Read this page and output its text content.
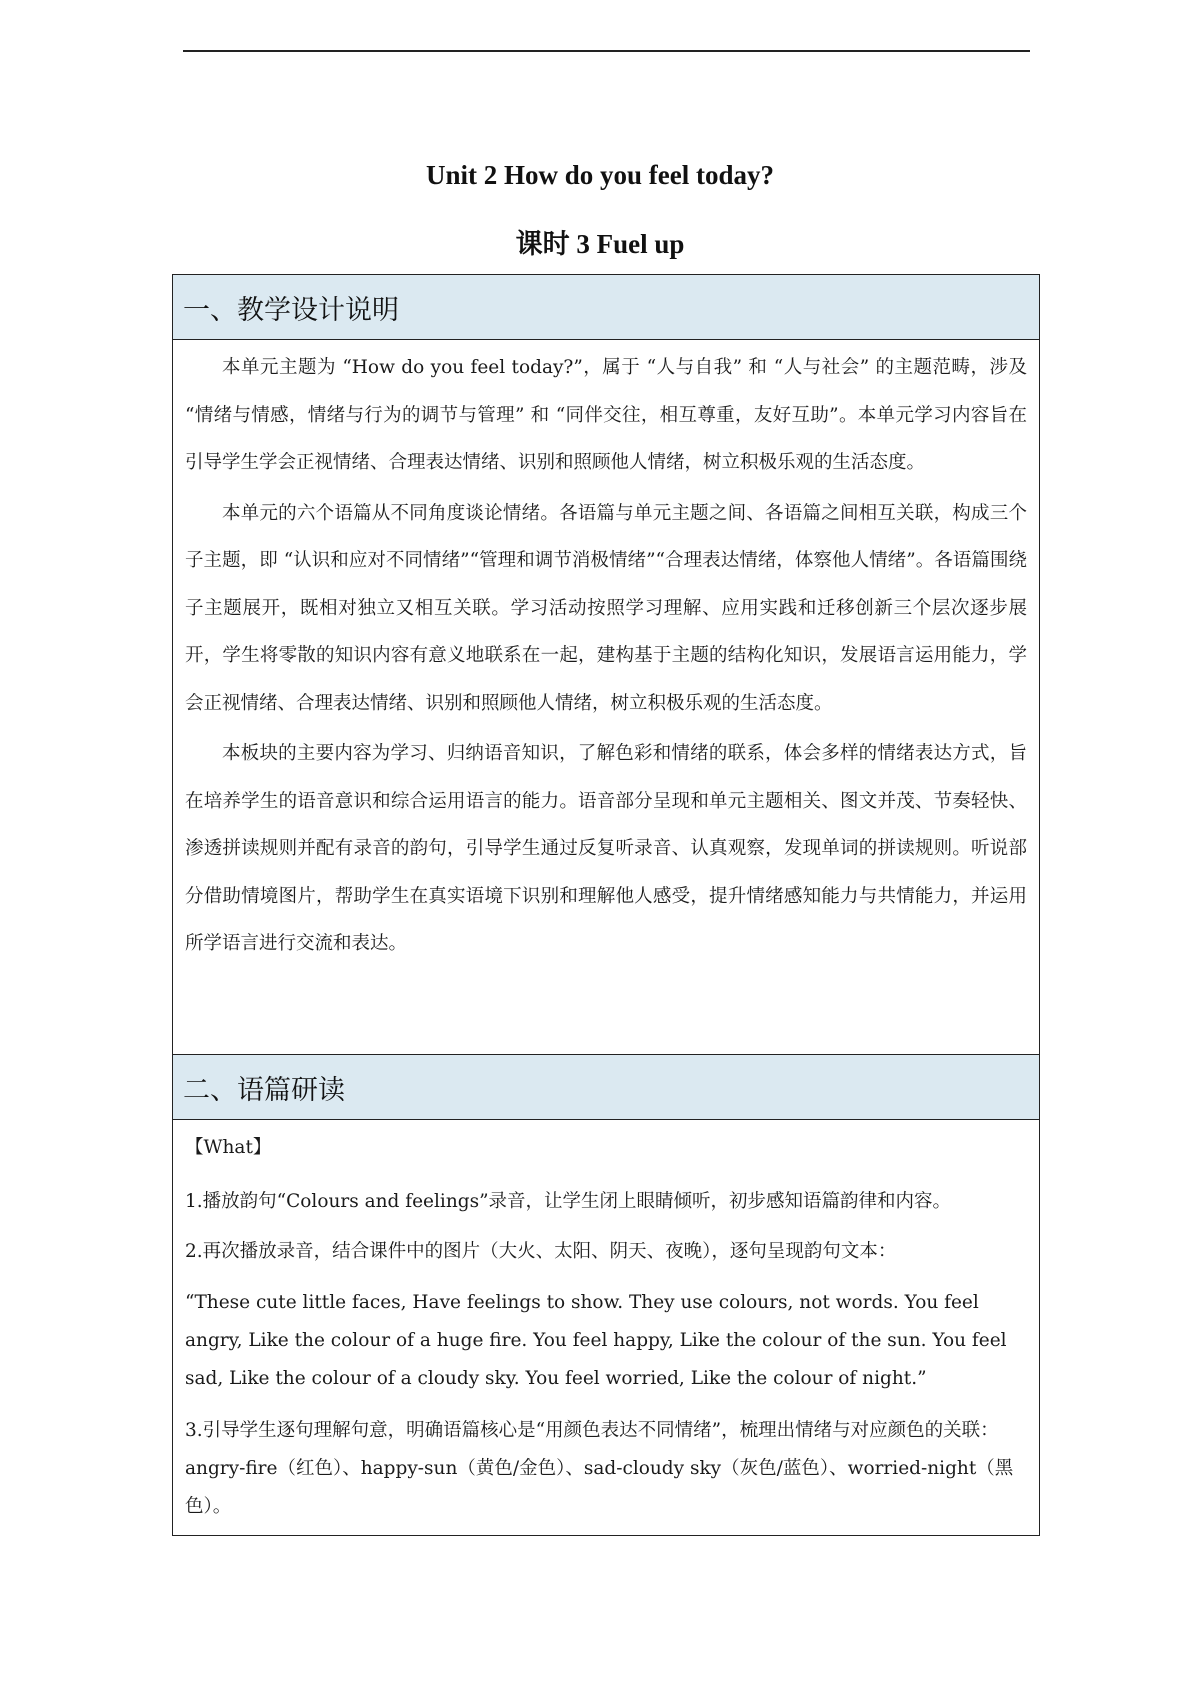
Unit 2 How do you feel today?
课时 3 Fuel up
一、教学设计说明

本单元主题为 “How do you feel today?”，属于 “人与自我” 和 “人与社会” 的主题范畴，涉及 “情绪与情感，情绪与行为的调节与管理” 和 “同伴交往，相互尊重，友好互助”。本单元学习内容旨在引导学生学会正视情绪、合理表达情绪、识别和照顾他人情绪，树立积极乐观的生活态度。

本单元的六个语篇从不同角度谈论情绪。各语篇与单元主题之间、各语篇之间相互关联，构成三个子主题，即 “认识和应对不同情绪”“管理和调节消极情绪”“合理表达情绪，体察他人情绪”。各语篇围绕子主题展开，既相对独立又相互关联。学习活动按照学习理解、应用实践和迁移创新三个层次逐步展开，学生将零散的知识内容有意义地联系在一起，建构基于主题的结构化知识，发展语言运用能力，学会正视情绪、合理表达情绪、识别和照顾他人情绪，树立积极乐观的生活态度。

本板块的主要内容为学习、归纳语音知识，了解色彩和情绪的联系，体会多样的情绪表达方式，旨在培养学生的语音意识和综合运用语言的能力。语音部分呈现和单元主题相关、图文并茂、节奏轻快、渗透拼读规则并配有录音的韵句，引导学生通过反复听录音、认真观察，发现单词的拼读规则。听说部分借助情境图片，帮助学生在真实语境下识别和理解他人感受，提升情绪感知能力与共情能力，并运用所学语言进行交流和表达。

二、语篇研读

【What】

1.播放韵句“Colours and feelings”录音，让学生闭上眼睛倾听，初步感知语篇韵律和内容。

2.再次播放录音，结合课件中的图片（大火、太阳、阴天、夜晚），逐句呈现韵句文本：

“These cute little faces, Have feelings to show. They use colours, not words. You feel angry, Like the colour of a huge fire. You feel happy, Like the colour of the sun. You feel sad, Like the colour of a cloudy sky. You feel worried, Like the colour of night.”

3.引导学生逐句理解句意，明确语篇核心是“用颜色表达不同情绪”，梳理出情绪与对应颜色的关联：angry-fire（红色）、happy-sun（黄色/金色）、sad-cloudy sky（灰色/蓝色）、worried-night（黑色）。
